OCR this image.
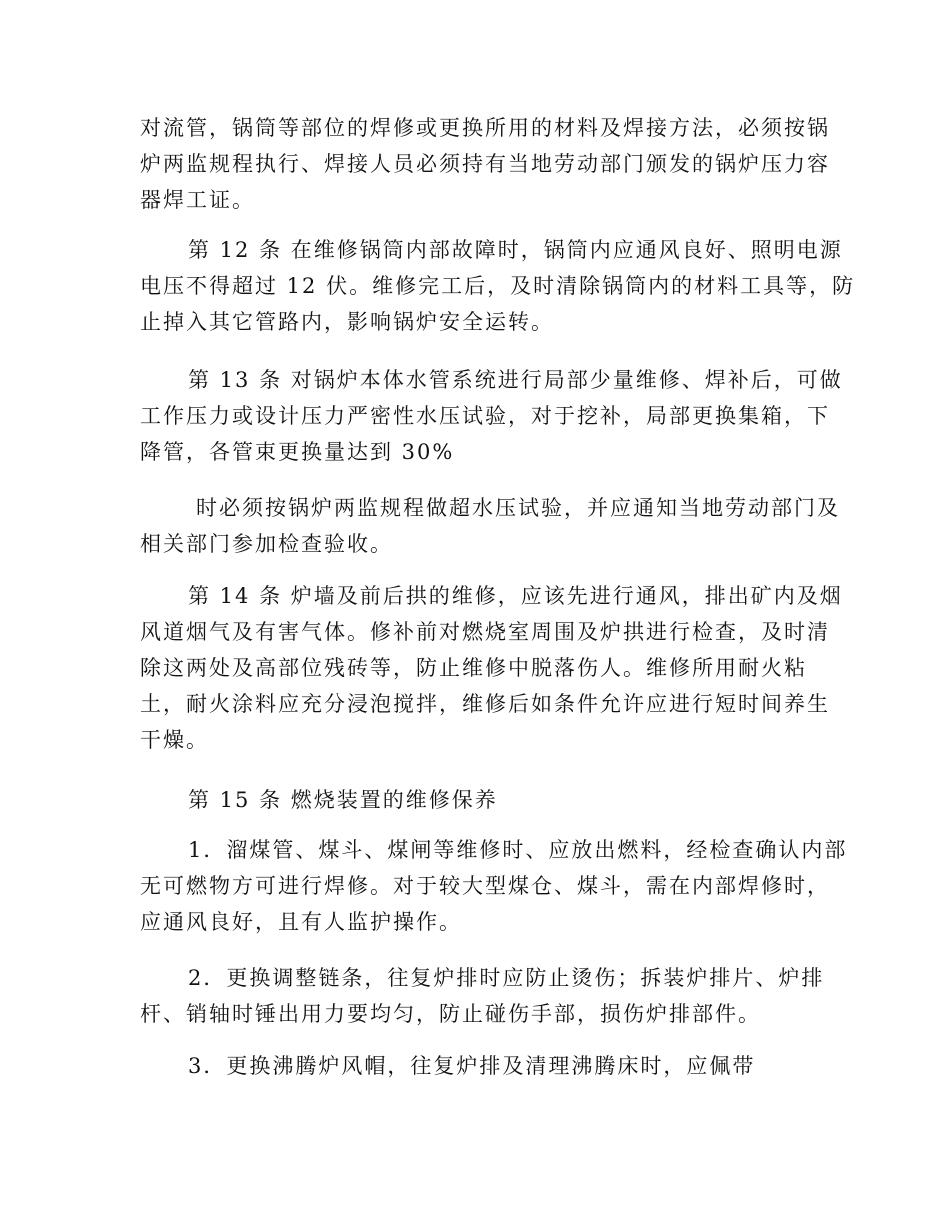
对流管，锅筒等部位的焊修或更换所用的材料及焊接方法，必须按锅
炉两监规程执行、焊接人员必须持有当地劳动部门颁发的锅炉压力容
器焊工证。
第 12 条 在维修锅筒内部故障时，锅筒内应通风良好、照明电源
电压不得超过 12 伏。维修完工后，及时清除锅筒内的材料工具等，防
止掉入其它管路内，影响锅炉安全运转。
第 13 条 对锅炉本体水管系统进行局部少量维修、焊补后，可做
工作压力或设计压力严密性水压试验，对于挖补，局部更换集箱，下
降管，各管束更换量达到 30%
时必须按锅炉两监规程做超水压试验，并应通知当地劳动部门及
相关部门参加检查验收。
第 14 条 炉墙及前后拱的维修，应该先进行通风，排出矿内及烟
风道烟气及有害气体。修补前对燃烧室周围及炉拱进行检查，及时清
除这两处及高部位残砖等，防止维修中脱落伤人。维修所用耐火粘
土，耐火涂料应充分浸泡搅拌，维修后如条件允许应进行短时间养生
干燥。
第 15 条 燃烧装置的维修保养
1．溜煤管、煤斗、煤闸等维修时、应放出燃料，经检查确认内部
无可燃物方可进行焊修。对于较大型煤仓、煤斗，需在内部焊修时，
应通风良好，且有人监护操作。
2．更换调整链条，往复炉排时应防止烫伤；拆装炉排片、炉排
杆、销轴时锤出用力要均匀，防止碰伤手部，损伤炉排部件。
3．更换沸腾炉风帽，往复炉排及清理沸腾床时，应佩带
